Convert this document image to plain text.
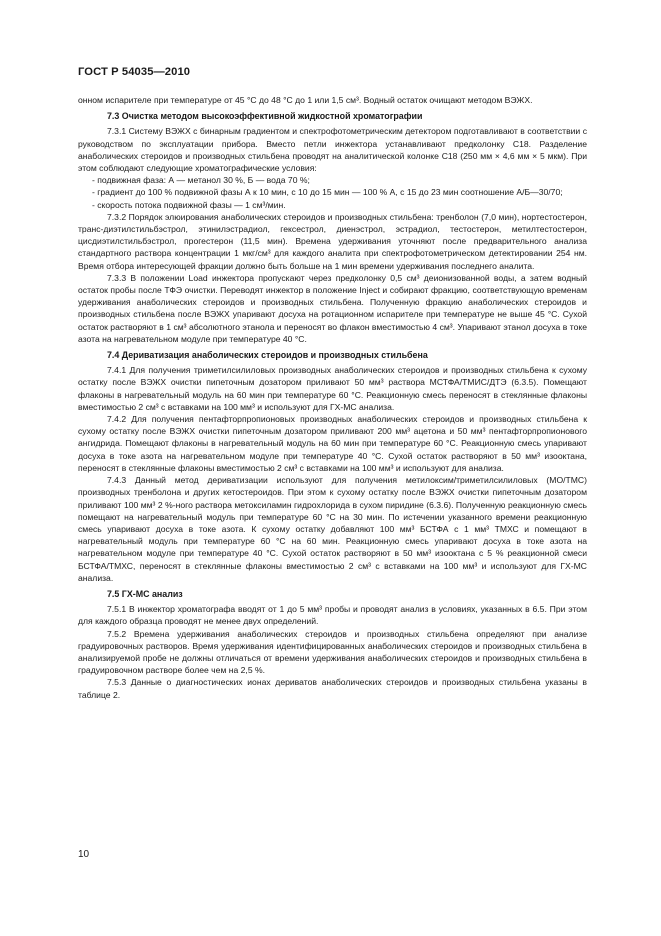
ГОСТ Р 54035—2010

онном испарителе при температуре от 45 °С до 48 °С до 1 или 1,5 см³. Водный остаток очищают методом ВЭЖХ.

7.3 Очистка методом высокоэффективной жидкостной хроматографии

7.3.1 Систему ВЭЖХ с бинарным градиентом и спектрофотометрическим детектором подготавливают в соответствии с руководством по эксплуатации прибора. Вместо петли инжектора устанавливают предколонку С18. Разделение анаболических стероидов и производных стильбена проводят на аналитической колонке С18 (250 мм × 4,6 мм × 5 мкм). При этом соблюдают следующие хроматографические условия:

- подвижная фаза: А — метанол 30 %, Б — вода 70 %;

- градиент до 100 % подвижной фазы А к 10 мин, с 10 до 15 мин — 100 % А, с 15 до 23 мин соотношение А/Б—30/70;

- скорость потока подвижной фазы — 1 см³/мин.

7.3.2 Порядок элюирования анаболических стероидов и производных стильбена: тренболон (7,0 мин), нортестостерон, транс-диэтилстильбэстрол, этинилэстрадиол, гексестрол, диенэстрол, эстрадиол, тестостерон, метилтестостерон, цисдиэтилстильбэстрол, прогестерон (11,5 мин). Времена удерживания уточняют после предварительного анализа стандартного раствора концентрации 1 мкг/см³ для каждого аналита при спектрофотометрическом детектировании 254 нм. Время отбора интересующей фракции должно быть больше на 1 мин времени удерживания последнего аналита.

7.3.3 В положении Load инжектора пропускают через предколонку 0,5 см³ деионизованной воды, а затем водный остаток пробы после ТФЭ очистки. Переводят инжектор в положение Inject и собирают фракцию, соответствующую временам удерживания анаболических стероидов и производных стильбена. Полученную фракцию анаболических стероидов и производных стильбена после ВЭЖХ упаривают досуха на ротационном испарителе при температуре не выше 45 °С. Сухой остаток растворяют в 1 см³ абсолютного этанола и переносят во флакон вместимостью 4 см³. Упаривают этанол досуха в токе азота на нагревательном модуле при температуре 40 °С.

7.4 Дериватизация анаболических стероидов и производных стильбена

7.4.1 Для получения триметилсилиловых производных анаболических стероидов и производных стильбена к сухому остатку после ВЭЖХ очистки пипеточным дозатором приливают 50 мм³ раствора МСТФА/ТМИС/ДТЭ (6.3.5). Помещают флаконы в нагревательный модуль на 60 мин при температуре 60 °С. Реакционную смесь переносят в стеклянные флаконы вместимостью 2 см³ с вставками на 100 мм³ и используют для ГХ-МС анализа.

7.4.2 Для получения пентафторпропионовых производных анаболических стероидов и производных стильбена к сухому остатку после ВЭЖХ очистки пипеточным дозатором приливают 200 мм³ ацетона и 50 мм³ пентафторпропионового ангидрида. Помещают флаконы в нагревательный модуль на 60 мин при температуре 60 °С. Реакционную смесь упаривают досуха в токе азота на нагревательном модуле при температуре 40 °С. Сухой остаток растворяют в 50 мм³ изооктана, переносят в стеклянные флаконы вместимостью 2 см³ с вставками на 100 мм³ и используют для анализа.

7.4.3 Данный метод дериватизации используют для получения метилоксим/триметилсилиловых (МО/ТМС) производных тренболона и других кетостероидов. При этом к сухому остатку после ВЭЖХ очистки пипеточным дозатором приливают 100 мм³ 2 %-ного раствора метоксиламин гидрохлорида в сухом пиридине (6.3.6). Полученную реакционную смесь помещают на нагревательный модуль при температуре 60 °С на 30 мин. По истечении указанного времени реакционную смесь упаривают досуха в токе азота. К сухому остатку добавляют 100 мм³ БСТФА с 1 мм³ ТМХС и помещают в нагревательный модуль при температуре 60 °С на 60 мин. Реакционную смесь упаривают досуха в токе азота на нагревательном модуле при температуре 40 °С. Сухой остаток растворяют в 50 мм³ изооктана с 5 % реакционной смеси БСТФА/ТМХС, переносят в стеклянные флаконы вместимостью 2 см³ с вставками на 100 мм³ и используют для ГХ-МС анализа.

7.5 ГХ-МС анализ

7.5.1 В инжектор хроматографа вводят от 1 до 5 мм³ пробы и проводят анализ в условиях, указанных в 6.5. При этом для каждого образца проводят не менее двух определений.

7.5.2 Времена удерживания анаболических стероидов и производных стильбена определяют при анализе градуировочных растворов. Время удерживания идентифицированных анаболических стероидов и производных стильбена в анализируемой пробе не должны отличаться от времени удерживания анаболических стероидов и производных стильбена в градуировочном растворе более чем на 2,5 %.

7.5.3 Данные о диагностических ионах дериватов анаболических стероидов и производных стильбена указаны в таблице 2.

10
